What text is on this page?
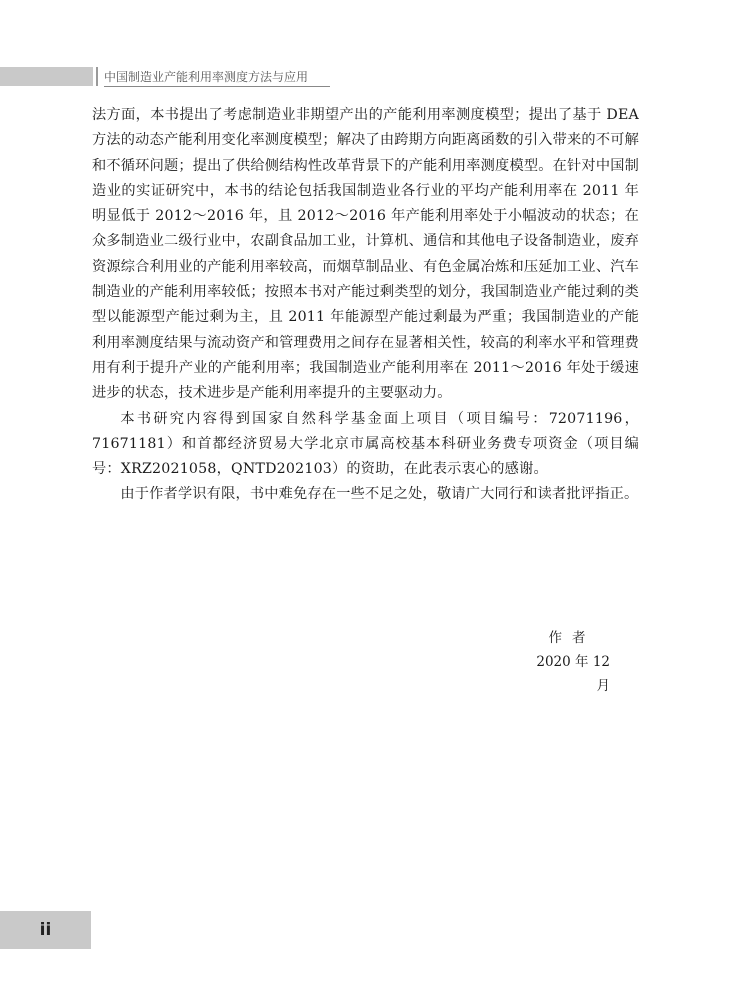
中国制造业产能利用率测度方法与应用

法方面，本书提出了考虑制造业非期望产出的产能利用率测度模型；提出了基于 DEA 方法的动态产能利用变化率测度模型；解决了由跨期方向距离函数的引入带来的不可解和不循环问题；提出了供给侧结构性改革背景下的产能利用率测度模型。在针对中国制造业的实证研究中，本书的结论包括我国制造业各行业的平均产能利用率在 2011 年明显低于 2012～2016 年，且 2012～2016 年产能利用率处于小幅波动的状态；在众多制造业二级行业中，农副食品加工业，计算机、通信和其他电子设备制造业，废弃资源综合利用业的产能利用率较高，而烟草制品业、有色金属冶炼和压延加工业、汽车制造业的产能利用率较低；按照本书对产能过剩类型的划分，我国制造业产能过剩的类型以能源型产能过剩为主，且 2011 年能源型产能过剩最为严重；我国制造业的产能利用率测度结果与流动资产和管理费用之间存在显著相关性，较高的利率水平和管理费用有利于提升产业的产能利用率；我国制造业产能利用率在 2011～2016 年处于缓速进步的状态，技术进步是产能利用率提升的主要驱动力。

本书研究内容得到国家自然科学基金面上项目（项目编号：72071196，71671181）和首都经济贸易大学北京市属高校基本科研业务费专项资金（项目编号：XRZ2021058，QNTD202103）的资助，在此表示衷心的感谢。

由于作者学识有限，书中难免存在一些不足之处，敬请广大同行和读者批评指正。

作者
2020 年 12 月
ii
